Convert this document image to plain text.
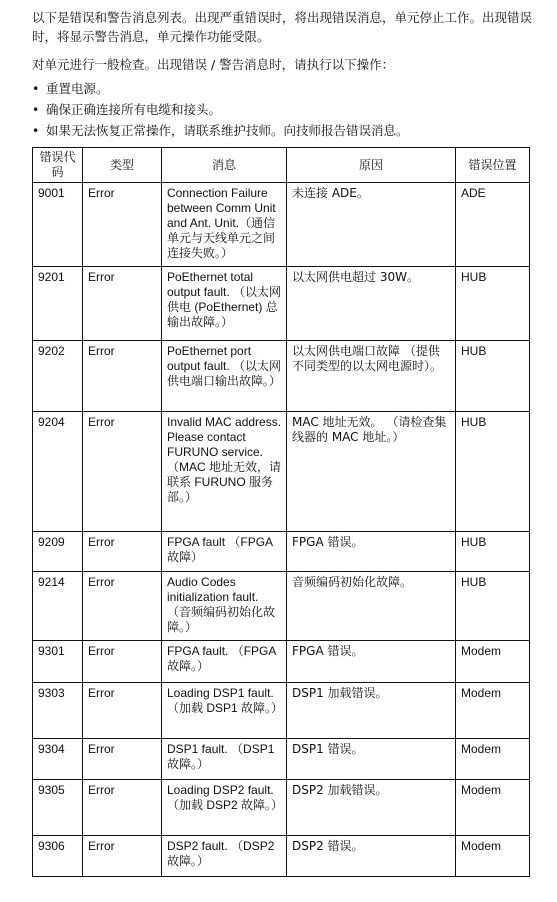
以下是错误和警告消息列表。出现严重错误时，将出现错误消息，单元停止工作。出现错误时，将显示警告消息，单元操作功能受限。

对单元进行一般检查。出现错误 / 警告消息时，请执行以下操作：

• 重置电源。
• 确保正确连接所有电缆和接头。
• 如果无法恢复正常操作，请联系维护技师。向技师报告错误消息。
错误代码	类型	消息	原因	错误位置
9001	Error	Connection Failure between Comm Unit and Ant. Unit.（通信单元与天线单元之间连接失败。）	未连接 ADE。	ADE
9201	Error	PoEthernet total output fault. （以太网供电 (PoEthernet) 总输出故障。）	以太网供电超过 30W。	HUB
9202	Error	PoEthernet port output fault. （以太网供电端口输出故障。）	以太网供电端口故障 （提供不同类型的以太网电源时）。	HUB
9204	Error	Invalid MAC address. Please contact FURUNO service. （MAC 地址无效，请联系 FURUNO 服务部。）	MAC 地址无效。 （请检查集线器的 MAC 地址。）	HUB
9209	Error	FPGA fault （FPGA 故障）	FPGA 错误。	HUB
9214	Error	Audio Codes initialization fault. （音频编码初始化故障。）	音频编码初始化故障。	HUB
9301	Error	FPGA fault. （FPGA 故障。）	FPGA 错误。	Modem
9303	Error	Loading DSP1 fault. （加载 DSP1 故障。）	DSP1 加载错误。	Modem
9304	Error	DSP1 fault. （DSP1 故障。）	DSP1 错误。	Modem
9305	Error	Loading DSP2 fault. （加载 DSP2 故障。）	DSP2 加载错误。	Modem
9306	Error	DSP2 fault. （DSP2 故障。）	DSP2 错误。	Modem
